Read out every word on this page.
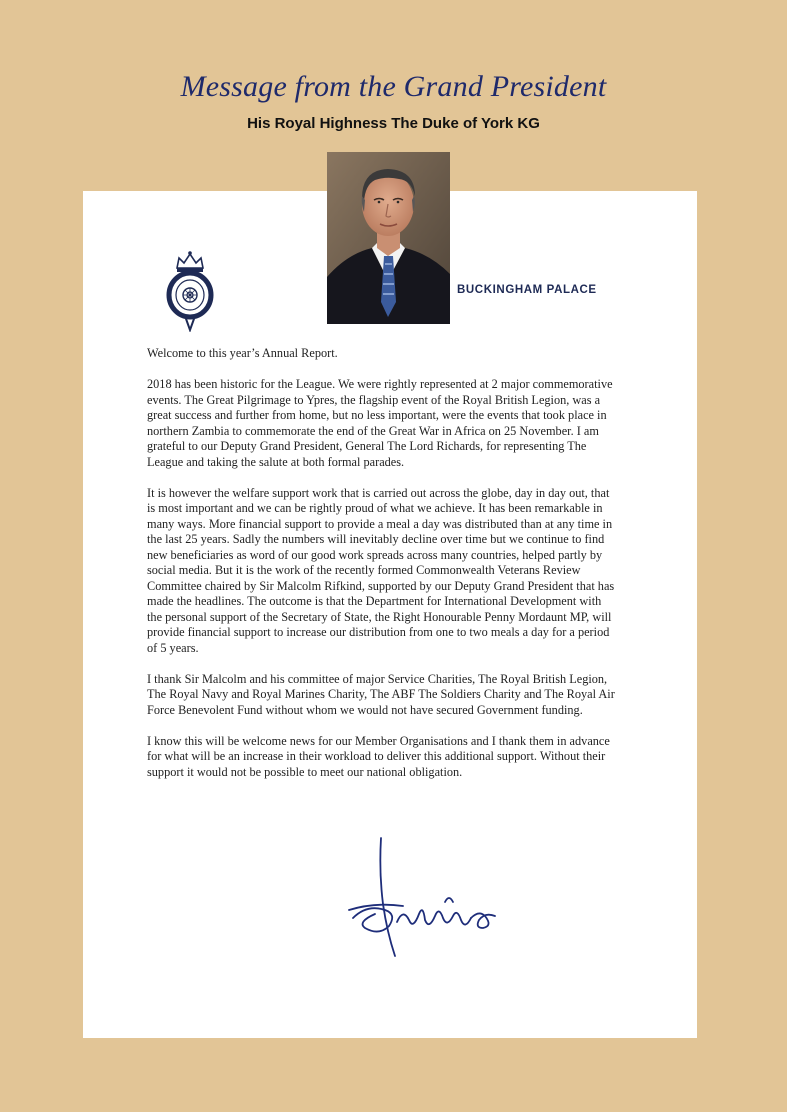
Message from the Grand President
His Royal Highness The Duke of York KG
BUCKINGHAM PALACE

Welcome to this year’s Annual Report.

2018 has been historic for the League. We were rightly represented at 2 major commemorative events. The Great Pilgrimage to Ypres, the flagship event of the Royal British Legion, was a great success and further from home, but no less important, were the events that took place in northern Zambia to commemorate the end of the Great War in Africa on 25 November. I am grateful to our Deputy Grand President, General The Lord Richards, for representing The League and taking the salute at both formal parades.

It is however the welfare support work that is carried out across the globe, day in day out, that is most important and we can be rightly proud of what we achieve. It has been remarkable in many ways. More financial support to provide a meal a day was distributed than at any time in the last 25 years. Sadly the numbers will inevitably decline over time but we continue to find new beneficiaries as word of our good work spreads across many countries, helped partly by social media. But it is the work of the recently formed Commonwealth Veterans Review Committee chaired by Sir Malcolm Rifkind, supported by our Deputy Grand President that has made the headlines. The outcome is that the Department for International Development with the personal support of the Secretary of State, the Right Honourable Penny Mordaunt MP, will provide financial support to increase our distribution from one to two meals a day for a period of 5 years.

I thank Sir Malcolm and his committee of major Service Charities, The Royal British Legion, The Royal Navy and Royal Marines Charity, The ABF The Soldiers Charity and The Royal Air Force Benevolent Fund without whom we would not have secured Government funding.

I know this will be welcome news for our Member Organisations and I thank them in advance for what will be an increase in their workload to deliver this additional support. Without their support it would not be possible to meet our national obligation.
